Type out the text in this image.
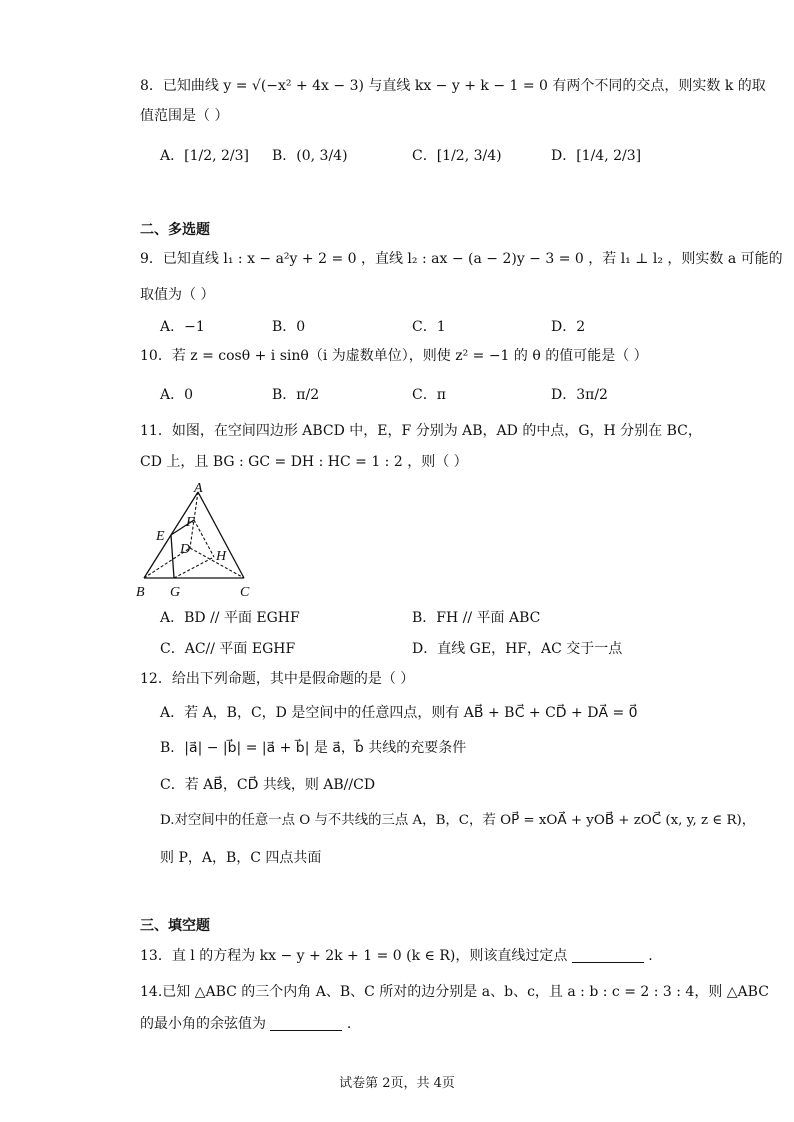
8．已知曲线 y = √(−x² + 4x − 3) 与直线 kx − y + k − 1 = 0 有两个不同的交点，则实数 k 的取
值范围是（ ）
A．[1/2, 2/3] B．(0, 3/4)	C．[1/2, 3/4)	D．[1/4, 2/3]
二、多选题
9．已知直线 l₁ : x − a²y + 2 = 0 ，直线 l₂ : ax − (a − 2)y − 3 = 0 ，若 l₁ ⊥ l₂ ，则实数 a 可能的
取值为（ ）
A．−1	B．0	C．1	D．2
10．若 z = cosθ + i sinθ（i 为虚数单位），则使 z² = −1 的 θ 的值可能是（ ）
A．0	B．π/2	C．π	D．3π/2
11．如图，在空间四边形 ABCD 中，E，F 分别为 AB，AD 的中点，G，H 分别在 BC，
CD 上，且 BG : GC = DH : HC = 1 : 2 ，则（ ）
A
E
F
D H
B G	C
A．BD // 平面 EGHF	B．FH // 平面 ABC
C．AC// 平面 EGHF	D．直线 GE，HF，AC 交于一点
12．给出下列命题，其中是假命题的是（ ）
A．若 A，B，C，D 是空间中的任意四点，则有 AB⃗ + BC⃗ + CD⃗ + DA⃗ = 0⃗
B．|a⃗| − |b⃗| = |a⃗ + b⃗| 是 a⃗，b⃗ 共线的充要条件
C．若 AB⃗，CD⃗ 共线，则 AB//CD
D.对空间中的任意一点 O 与不共线的三点 A，B，C，若 OP⃗ = xOA⃗ + yOB⃗ + zOC⃗ (x, y, z ∈ R)，
则 P，A，B，C 四点共面
三、填空题
13．直 l 的方程为 kx − y + 2k + 1 = 0 (k ∈ R)，则该直线过定点	.
14.已知 △ABC 的三个内角 A、B、C 所对的边分别是 a、b、c，且 a : b : c = 2 : 3 : 4，则 △ABC
的最小角的余弦值为	.
试卷第 2页，共 4页
